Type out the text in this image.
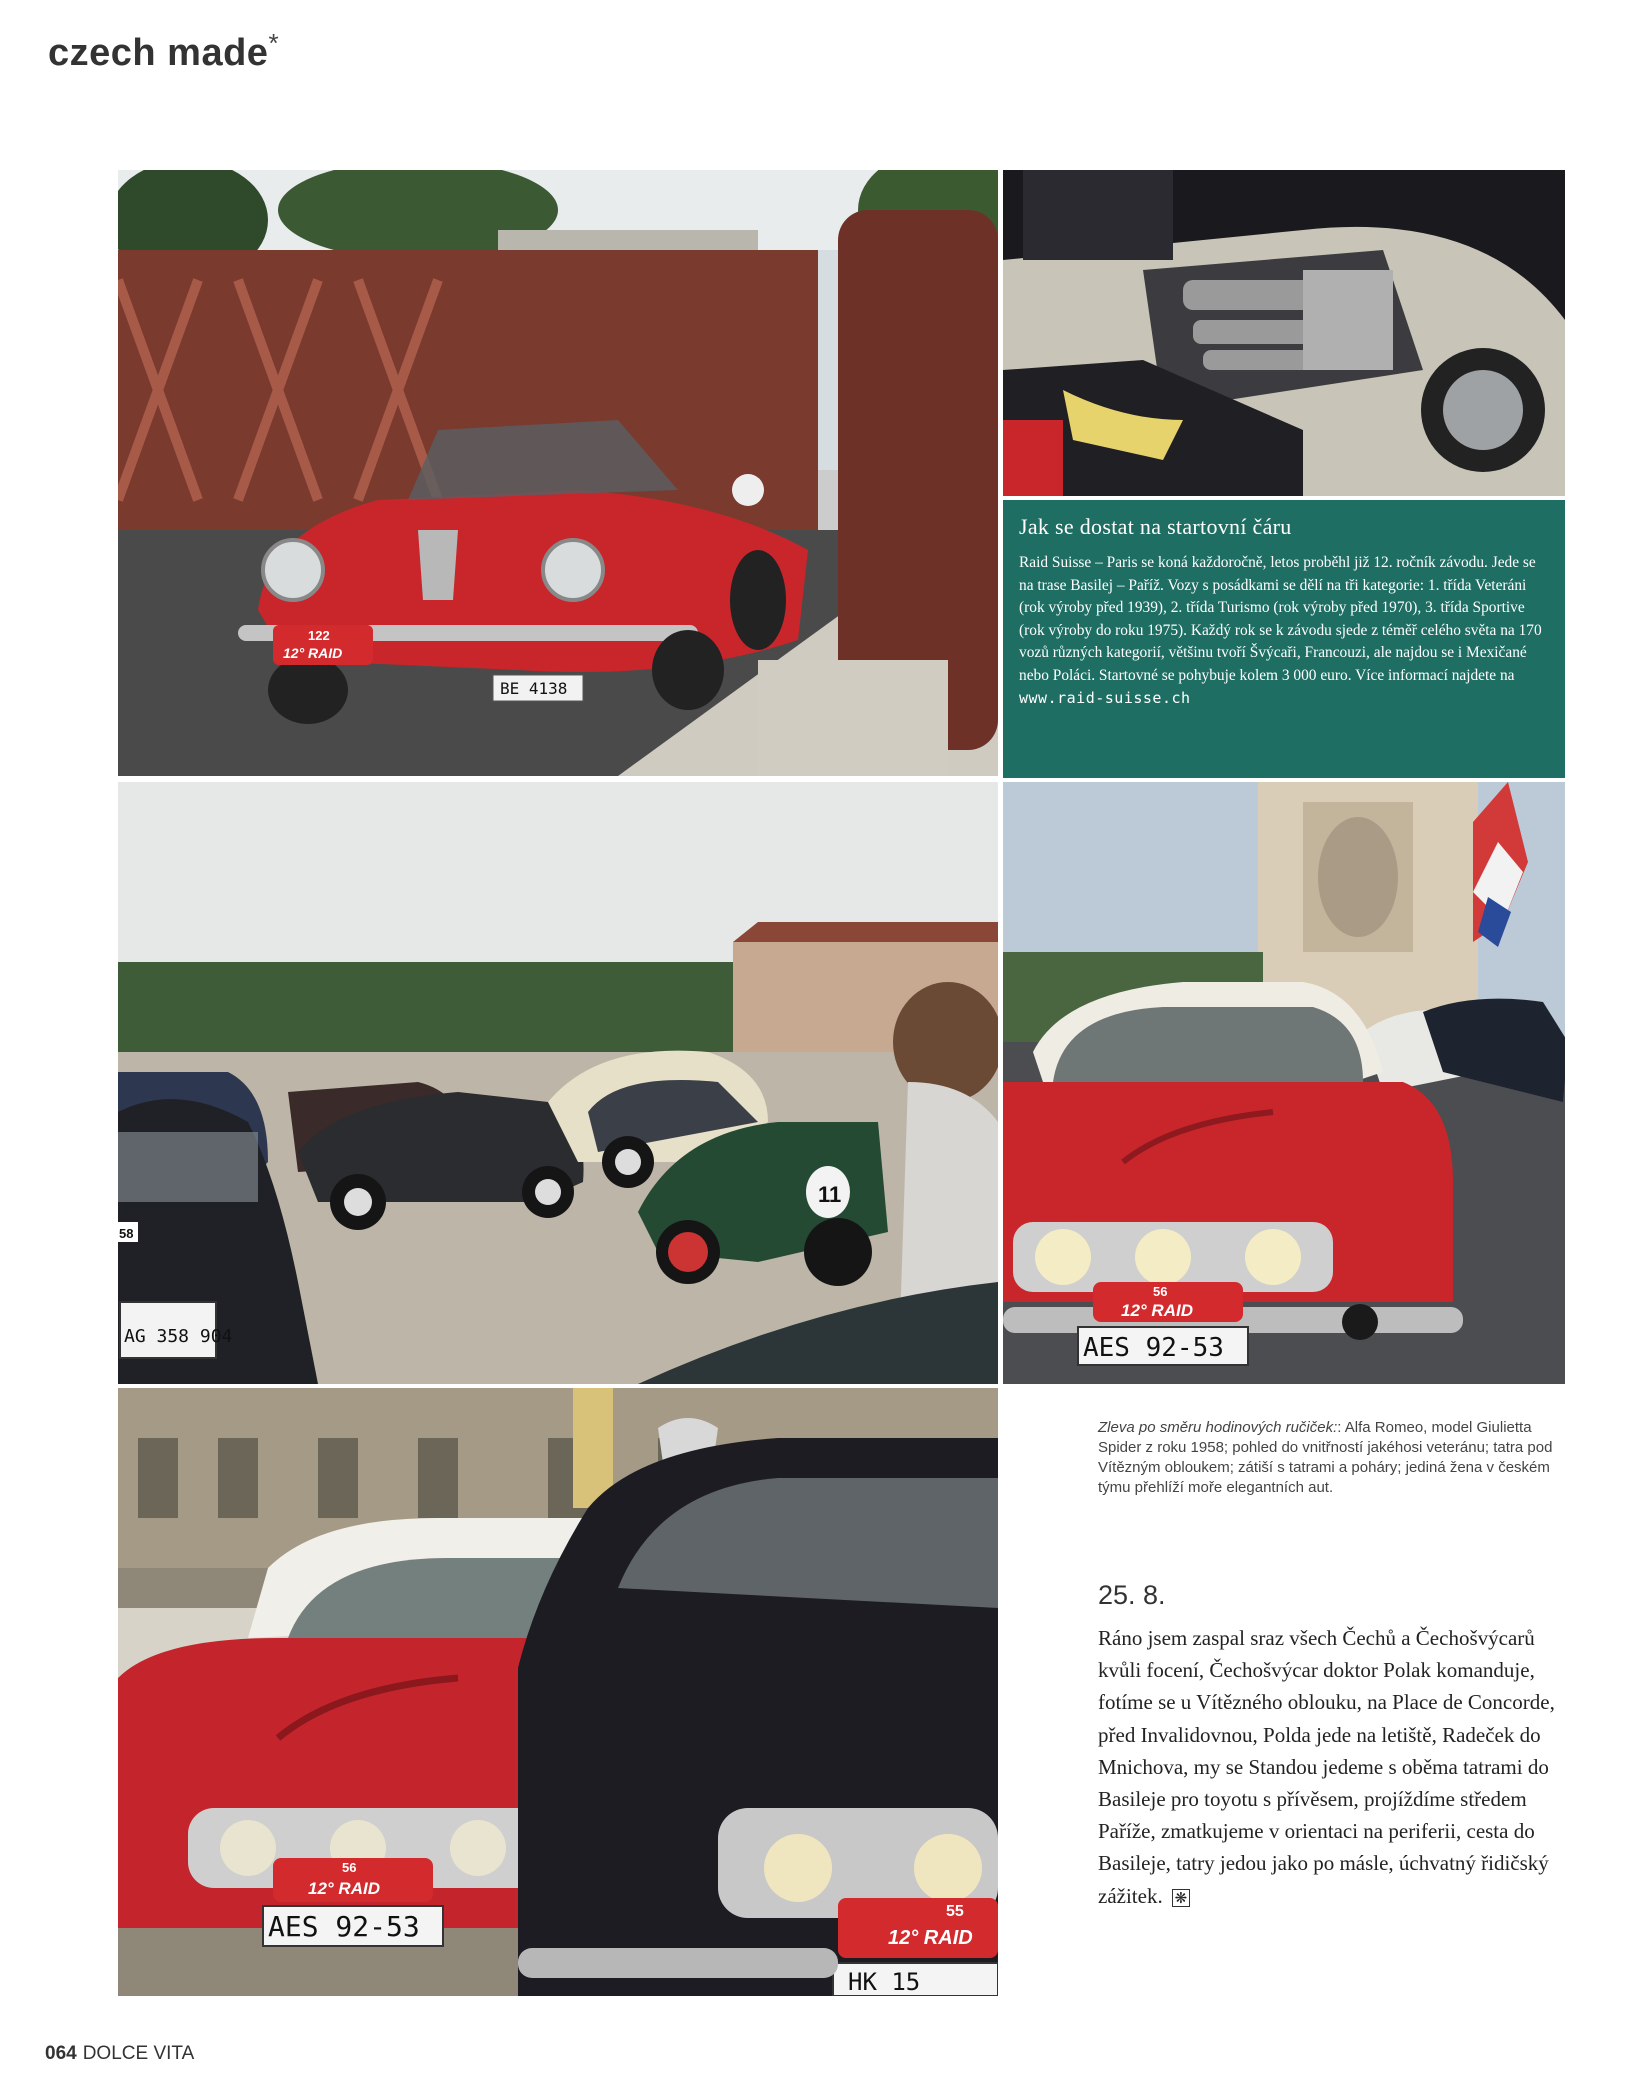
czech made*
122
12° RAID
BE 4138
Jak se dostat na startovní čáru
Raid Suisse – Paris se koná každoročně, letos proběhl již 12. ročník závodu. Jede se na trase Basilej – Paříž. Vozy s posádkami se dělí na tři kategorie: 1. třída Veteráni (rok výroby před 1939), 2. třída Turismo (rok výroby před 1970), 3. třída Sportive (rok výroby do roku 1975). Každý rok se k závodu sjede z téměř celého světa na 170 vozů různých kategorií, většinu tvoří Švýcaři, Francouzi, ale najdou se i Mexičané nebo Poláci. Startovné se pohybuje kolem 3 000 euro. Více informací najdete na www.raid-suisse.ch
11
58
AG 358 904
56
12° RAID
AES 92-53
56
12° RAID
AES 92-53	55
12° RAID
HK 15
Zleva po směru hodinových ručiček:: Alfa Romeo, model Giulietta Spider z roku 1958; pohled do vnitřností jakéhosi veteránu; tatra pod Vítězným obloukem; zátiší s tatrami a poháry; jediná žena v českém týmu přehlíží moře elegantních aut.
25. 8.
Ráno jsem zaspal sraz všech Čechů a Čechošvýcarů kvůli focení, Čechošvýcar doktor Polak komanduje, fotíme se u Vítězného oblouku, na Place de Concorde, před Invalidovnou, Polda jede na letiště, Radeček do Mnichova, my se Standou jedeme s oběma tatrami do Basileje pro toyotu s přívěsem, projíždíme středem Paříže, zmatkujeme v orientaci na periferii, cesta do Basileje, tatry jedou jako po másle, úchvatný řidičský zážitek. ❋
064 DOLCE VITA
